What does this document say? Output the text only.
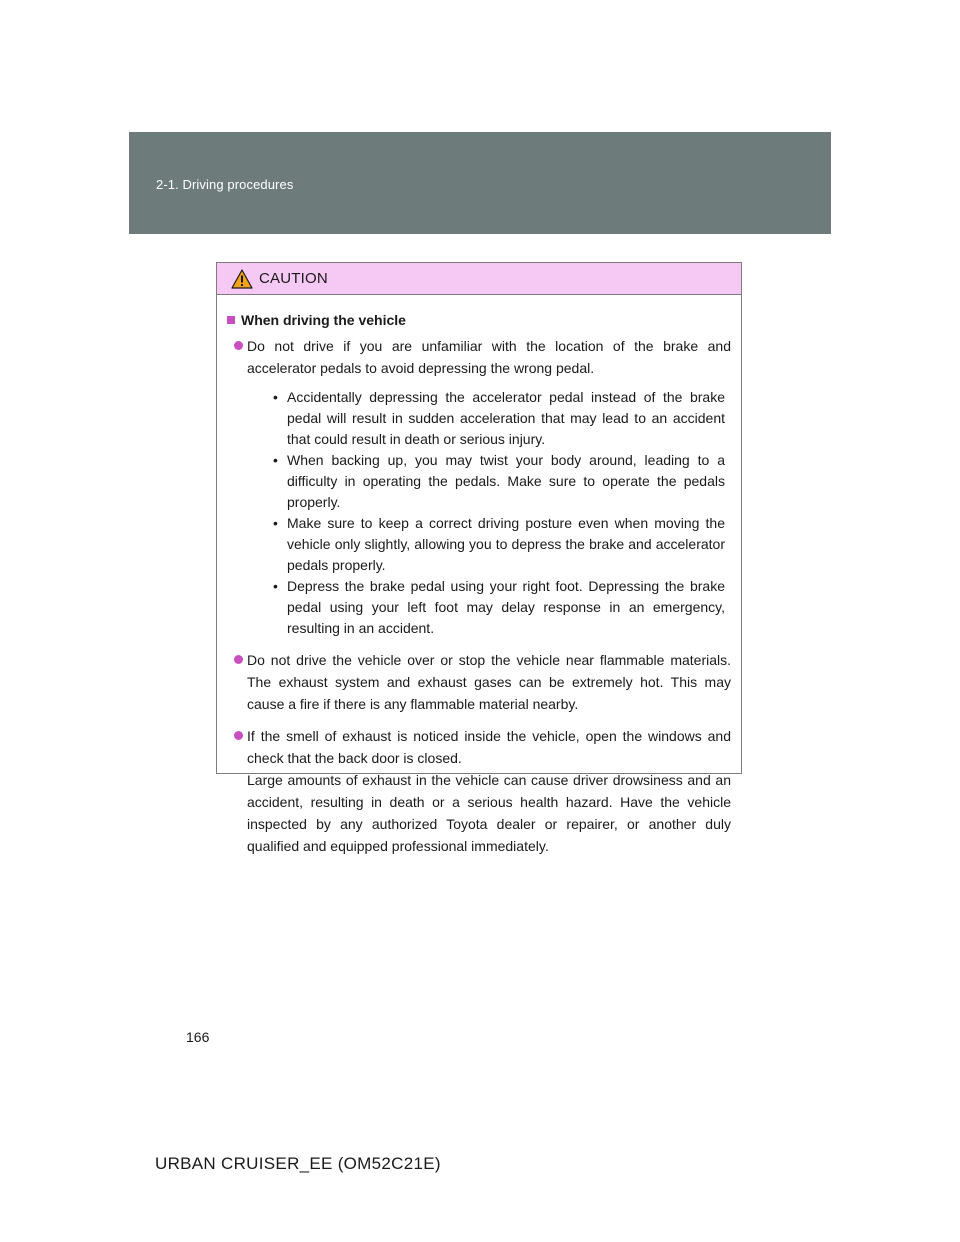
2-1. Driving procedures
CAUTION
When driving the vehicle
Do not drive if you are unfamiliar with the location of the brake and accelerator pedals to avoid depressing the wrong pedal.
• Accidentally depressing the accelerator pedal instead of the brake pedal will result in sudden acceleration that may lead to an accident that could result in death or serious injury.
• When backing up, you may twist your body around, leading to a difficulty in operating the pedals. Make sure to operate the pedals properly.
• Make sure to keep a correct driving posture even when moving the vehicle only slightly, allowing you to depress the brake and accelerator pedals properly.
• Depress the brake pedal using your right foot. Depressing the brake pedal using your left foot may delay response in an emergency, resulting in an accident.
Do not drive the vehicle over or stop the vehicle near flammable materials. The exhaust system and exhaust gases can be extremely hot. This may cause a fire if there is any flammable material nearby.
If the smell of exhaust is noticed inside the vehicle, open the windows and check that the back door is closed.
Large amounts of exhaust in the vehicle can cause driver drowsiness and an accident, resulting in death or a serious health hazard. Have the vehicle inspected by any authorized Toyota dealer or repairer, or another duly qualified and equipped professional immediately.
166
URBAN CRUISER_EE (OM52C21E)
